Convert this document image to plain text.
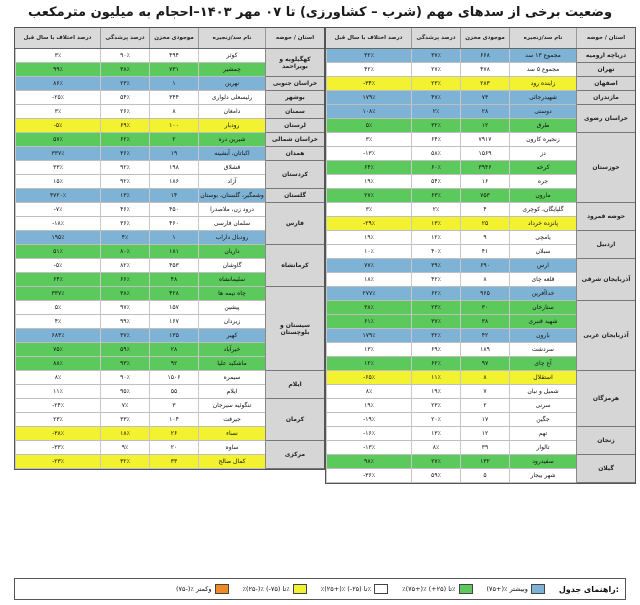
وضعیت برخی از سدهای مهم (شرب – کشاورزی) تا ۰۷ مهر ۱۴۰۳–احجام به میلیون مترمکعب
استان / حوضه
نام سد/زنجیره
موجودی مخزن
درصد پرشدگی
درصد اختلاف با سال قبل
دریاچه ارومیه
تهران
اصفهان
مازندران
خراسان رضوی
خوزستان
حوضه قمرود
اردبیل
آذربایجان شرقی
آذربایجان غربی
هرمزگان
زنجان
گیلان
مجموع ۱۳ سد
۶۶۸
۳۷٪
۳۲٪
مجموع ۵ سد
۴۷۸
۲۷٪
۴۲٪
زاینده رود
۲۸۳
۲۳٪
-۳۴٪
شهیدرجائی
۷۳
۴۷٪
۱۷۹٪
دوستی
۲۸
۲٪
۱۰۸٪
طرق
۱۲
۳۲٪
۵٪
زنجیره کارون
۷۹۱۷
۶۴٪
۳٪
دز
۱۵۶۹
۵۸٪
-۱۳٪
کرخه
۳۹۴۶
۶۰٪
۶۴٪
جره
۱۶
۵۴٪
۱۹٪
مارون
۷۵۳
۶۳٪
۲۷٪
گلپایگان، کوچری
۴
۲٪
۳٪
پانزده خرداد
۲۵
۱۳٪
-۲۹٪
یامچی
۹
۱۲٪
۱۹٪
سبلان
۴۱
۴۰٪
۱۰٪
ارس
۶۹۰
۳۹٪
۷۷٪
قلعه چای
۸
۴۲٪
۱۸٪
خداآفرین
۹۶۵
۶۲٪
۲۷۷٪
ستارخان
۳۰
۲۳٪
۳۸٪
شهید قنبری
۳۸
۳۷٪
۶۱٪
بارون
۴۲
۳۲٪
۱۷۹٪
سردشت
۱۸۹
۶۹٪
۱۳٪
آغ چای
۹۷
۶۲٪
۱۲٪
استقلال
۸
۱۱٪
-۶۵٪
شمیل و نیان
۷
۱۹٪
۸٪
سرنی
۲
۲۳٪
۱۹٪
جگین
۱۷
۲۰٪
-۱۹٪
تهم
۱۲
۱۳٪
-۱۶٪
تالوار
۳۹
۸٪
-۱۳٪
سفیدرود
۱۳۲
۲۷٪
۹۸٪
شهر بیجار
۵
۵۹٪
-۳۶٪
استان / حوضه
نام سد/زنجیره
موجودی مخزن
درصد پرشدگی
درصد اختلاف با سال قبل
کهگیلویه و بویراحمد
خراسان جنوبی
بوشهر
سمنان
لرستان
خراسان شمالی
همدان
کردستان
گلستان
فارس
کرمانشاه
سیستان و بلوچستان
ایلام
کرمان
مرکزی
کوثر
۴۹۴
۹۰٪
۳٪
چمشیر
۷۳۱
۳۸٪
۹۹٪
نهرین
۱
۲۳٪
۸۶٪
رئیسعلی دلواری
۳۴۴
۵۴٪
-۲۵٪
دامغان
۸
۲۶٪
۳٪
رودبار
۱۰۰
۶۹٪
-۵٪
شیرین دره
۲
۶۲٪
۵۷٪
اکباتان، آبشینه
۱۹
۳۶٪
۳۳۷٪
قشلاق
۱۹۸
۹۲٪
۳۳٪
آزاد
۱۸۶
۹۲٪
۱۵٪
وشمگیر، گلستان، بوستان
۱۴
۱۳٪
۴۷۲۰٪
درود زن، ملاصدرا
۴۵۰
۴۶٪
-۷٪
سلمان فارسی
۴۶۰
۳۶٪
-۱۸٪
رودبال داراب
۱
۴٪
۱۹۵٪
داریان
۱۸۱
۸۰٪
۵۱٪
گاوشان
۴۵۳
۸۲٪
-۵٪
سلیمانشاه
۴۸
۶۶٪
۶۴٪
چاه نیمه ها
۴۲۸
۳۸٪
۳۳۷٪
پیشین
۱۵۷
۹۷٪
۵٪
زیردان
۱۶۷
۹۹٪
۴٪
کهیر
۱۳۵
۳۷٪
۶۸۳٪
خیرآباد
۲۸
۵۹٪
۷۵٪
ماشکید علیا
۹۲
۹۳٪
۸۸٪
سیمره
۱۵۰۶
۹۰٪
۸٪
ایلام
۵۵
۹۵٪
۱۱٪
تنگوئیه سیرجان
۳
۷٪
-۲۴٪
جیرفت
۱۰۴
۳۳٪
۲۳٪
نساء
۲۶
۱۸٪
-۳۸٪
ساوه
۲۰
۹٪
-۳۳٪
کمال صالح
۳۳
۳۲٪
-۲۳٪
راهنمای جدول:
(۷۵+)٪ وبیشتر
٪(۷۵+)٪ تا (۲۵+)٪
٪(۲۵+)٪ تا (۲۵-)٪
٪(۲۵-)٪ تا (۷۵-)٪
(۷۵-)٪ وکمتر
